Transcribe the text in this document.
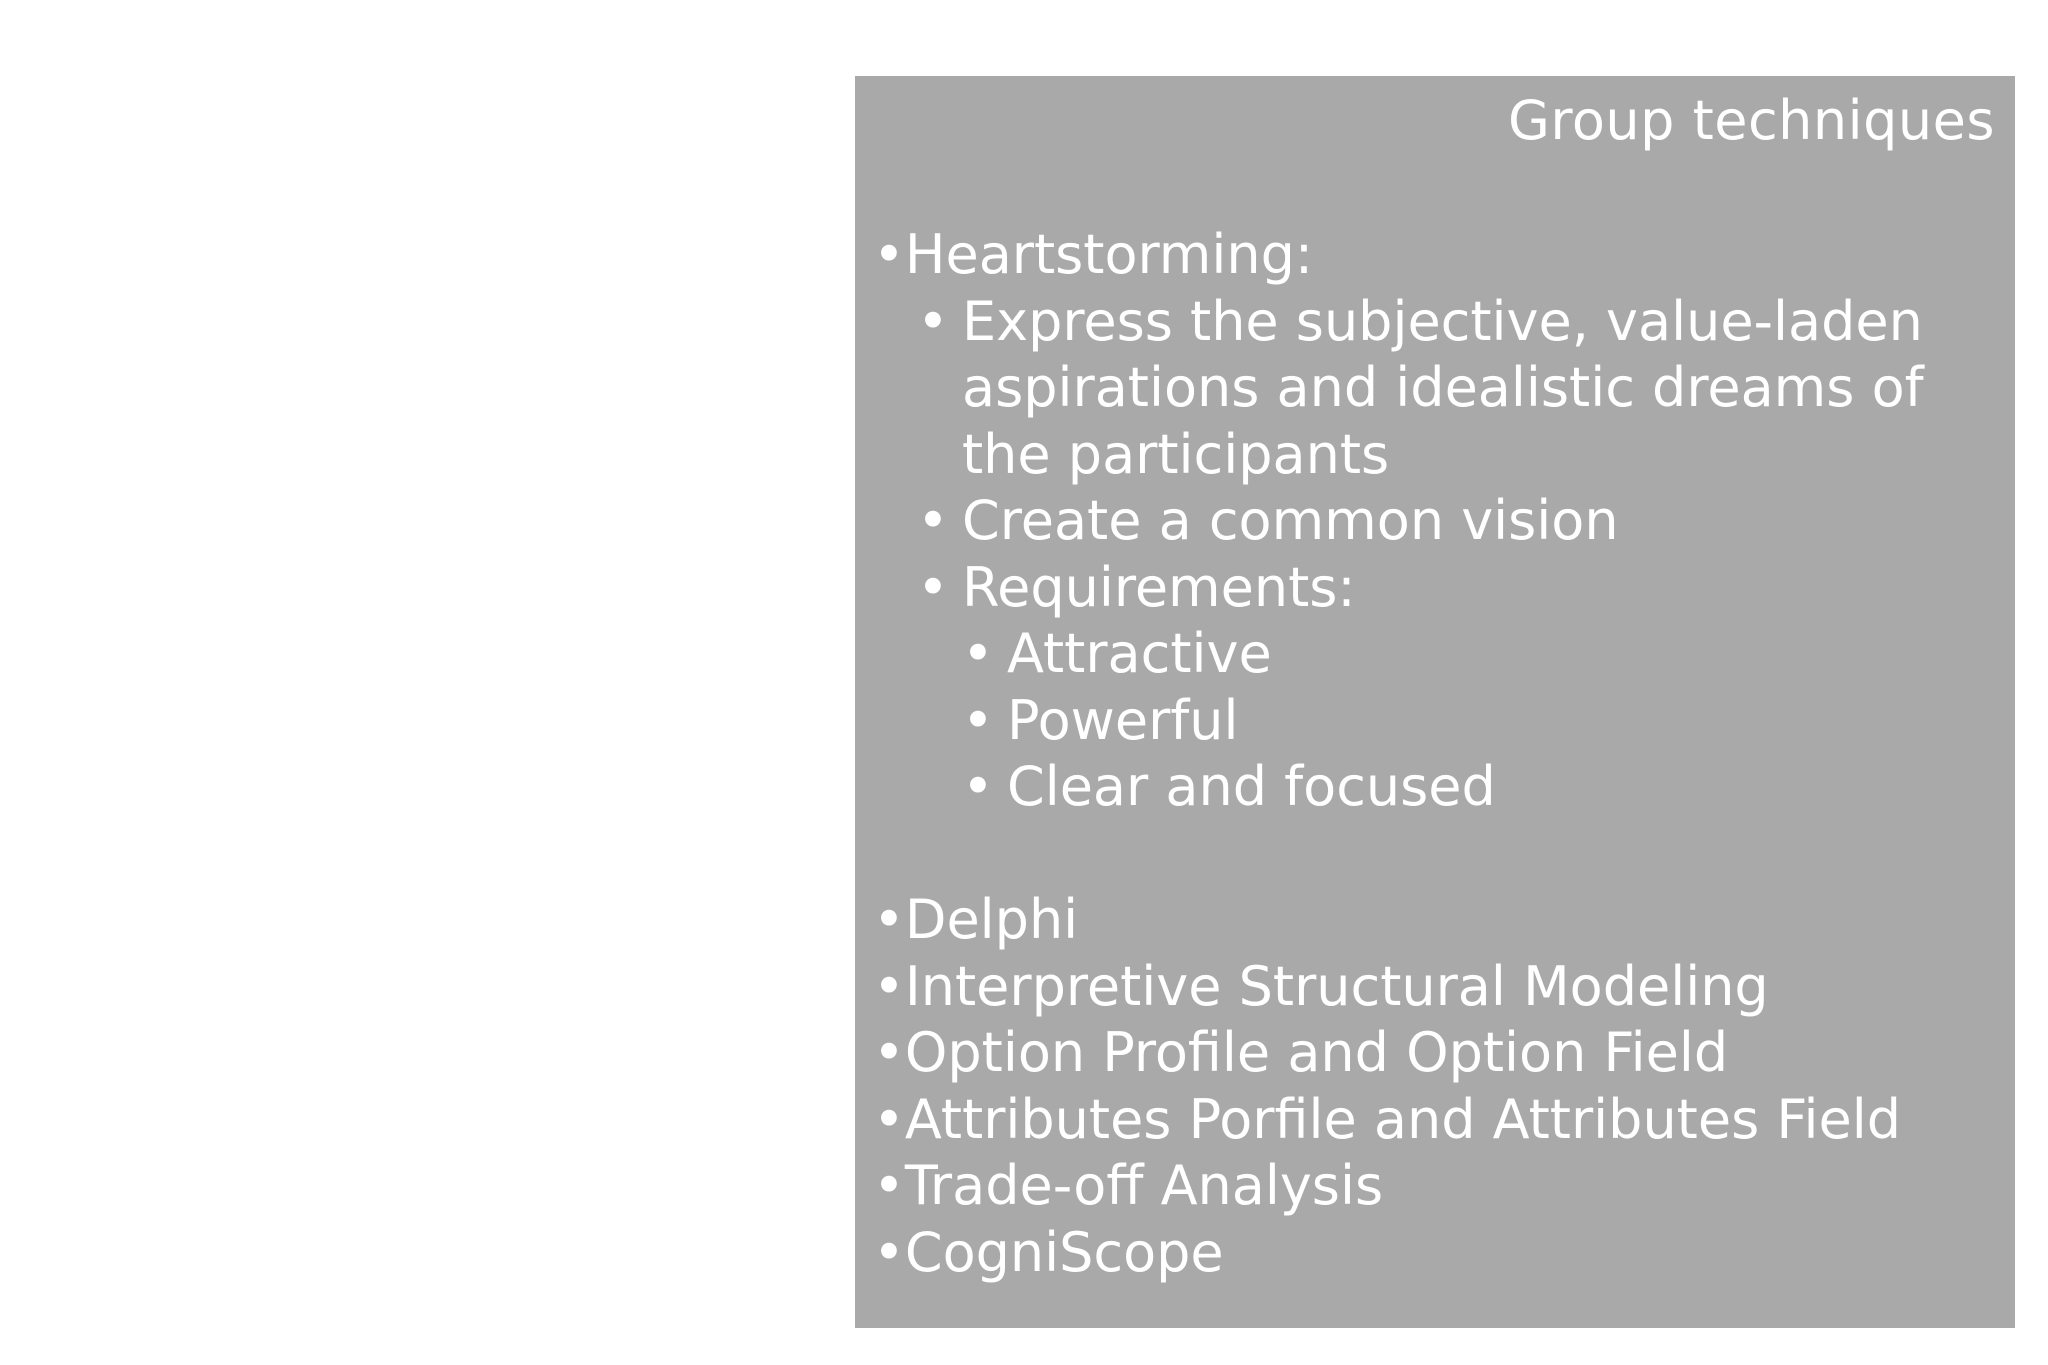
Group techniques
• Heartstorming:
• Express the subjective, value-laden
aspirations and idealistic dreams of
the participants
• Create a common vision
• Requirements:
• Attractive
• Powerful
• Clear and focused
• Delphi
• Interpretive Structural Modeling
• Option Profile and Option Field
• Attributes Porfile and Attributes Field
• Trade-off Analysis
• CogniScope
